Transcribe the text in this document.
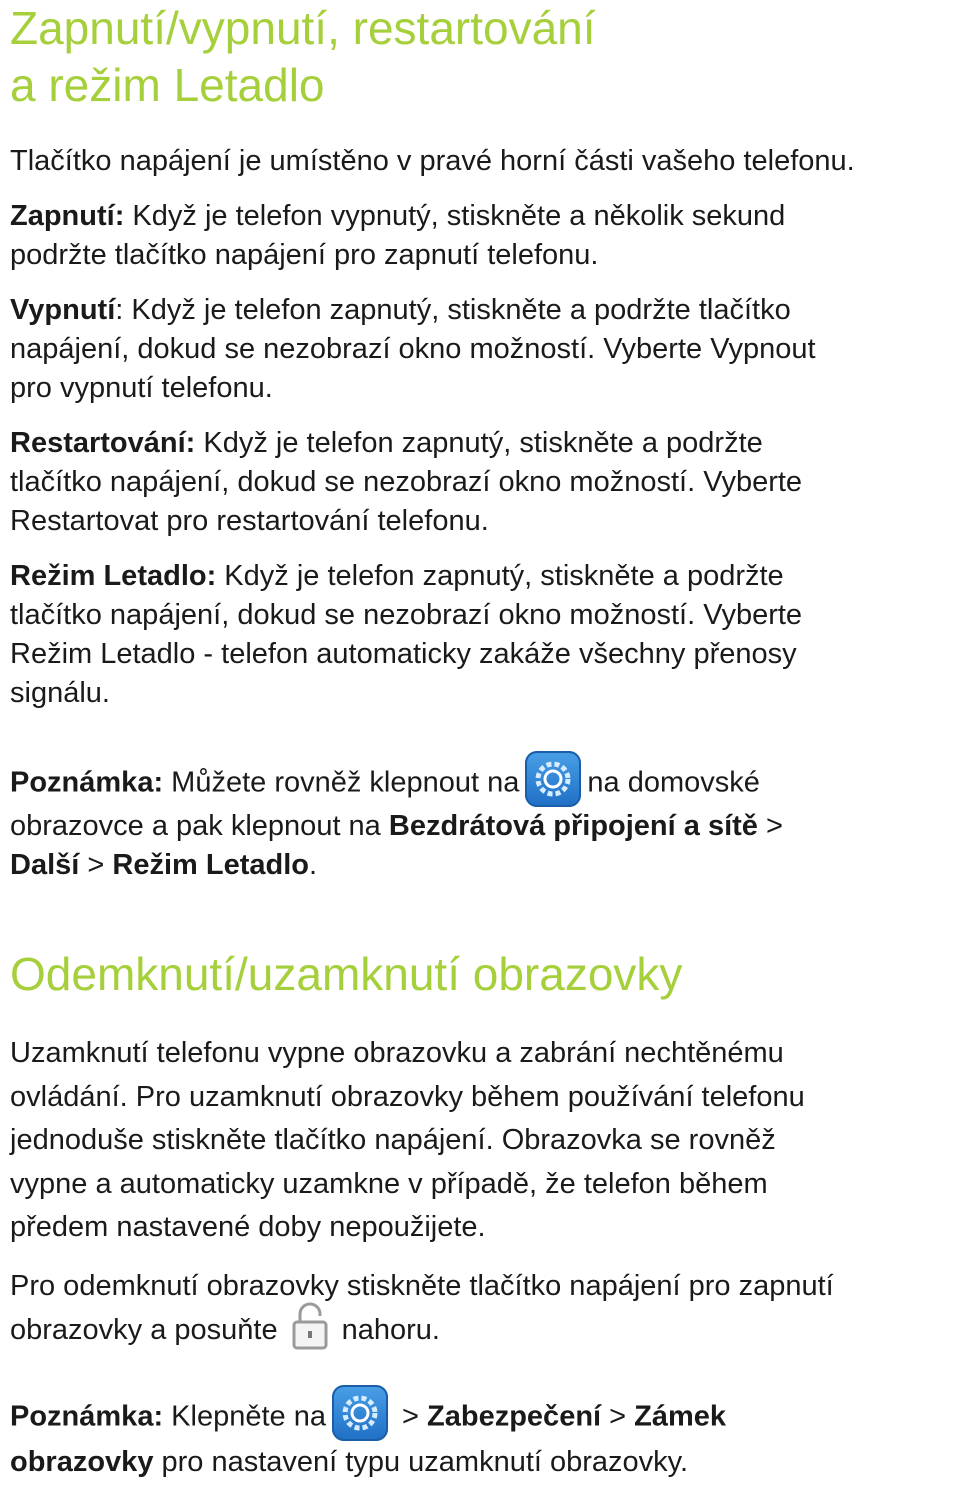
Zapnutí/vypnutí, restartování
a režim Letadlo
Tlačítko napájení je umístěno v pravé horní části vašeho telefonu.
Zapnutí: Když je telefon vypnutý, stiskněte a několik sekund
podržte tlačítko napájení pro zapnutí telefonu.
Vypnutí: Když je telefon zapnutý, stiskněte a podržte tlačítko
napájení, dokud se nezobrazí okno možností. Vyberte Vypnout
pro vypnutí telefonu.
Restartování: Když je telefon zapnutý, stiskněte a podržte
tlačítko napájení, dokud se nezobrazí okno možností. Vyberte
Restartovat pro restartování telefonu.
Režim Letadlo: Když je telefon zapnutý, stiskněte a podržte
tlačítko napájení, dokud se nezobrazí okno možností. Vyberte
Režim Letadlo - telefon automaticky zakáže všechny přenosy
signálu.
Poznámka: Můžete rovněž klepnout na na domovské
obrazovce a pak klepnout na Bezdrátová připojení a sítě >
Další > Režim Letadlo.
Odemknutí/uzamknutí obrazovky
Uzamknutí telefonu vypne obrazovku a zabrání nechtěnému
ovládání. Pro uzamknutí obrazovky během používání telefonu
jednoduše stiskněte tlačítko napájení. Obrazovka se rovněž
vypne a automaticky uzamkne v případě, že telefon během
předem nastavené doby nepoužijete.
Pro odemknutí obrazovky stiskněte tlačítko napájení pro zapnutí
obrazovky a posuňte nahoru.
Poznámka: Klepněte na
> Zabezpečení > Zámek
obrazovky pro nastavení typu uzamknutí obrazovky.
